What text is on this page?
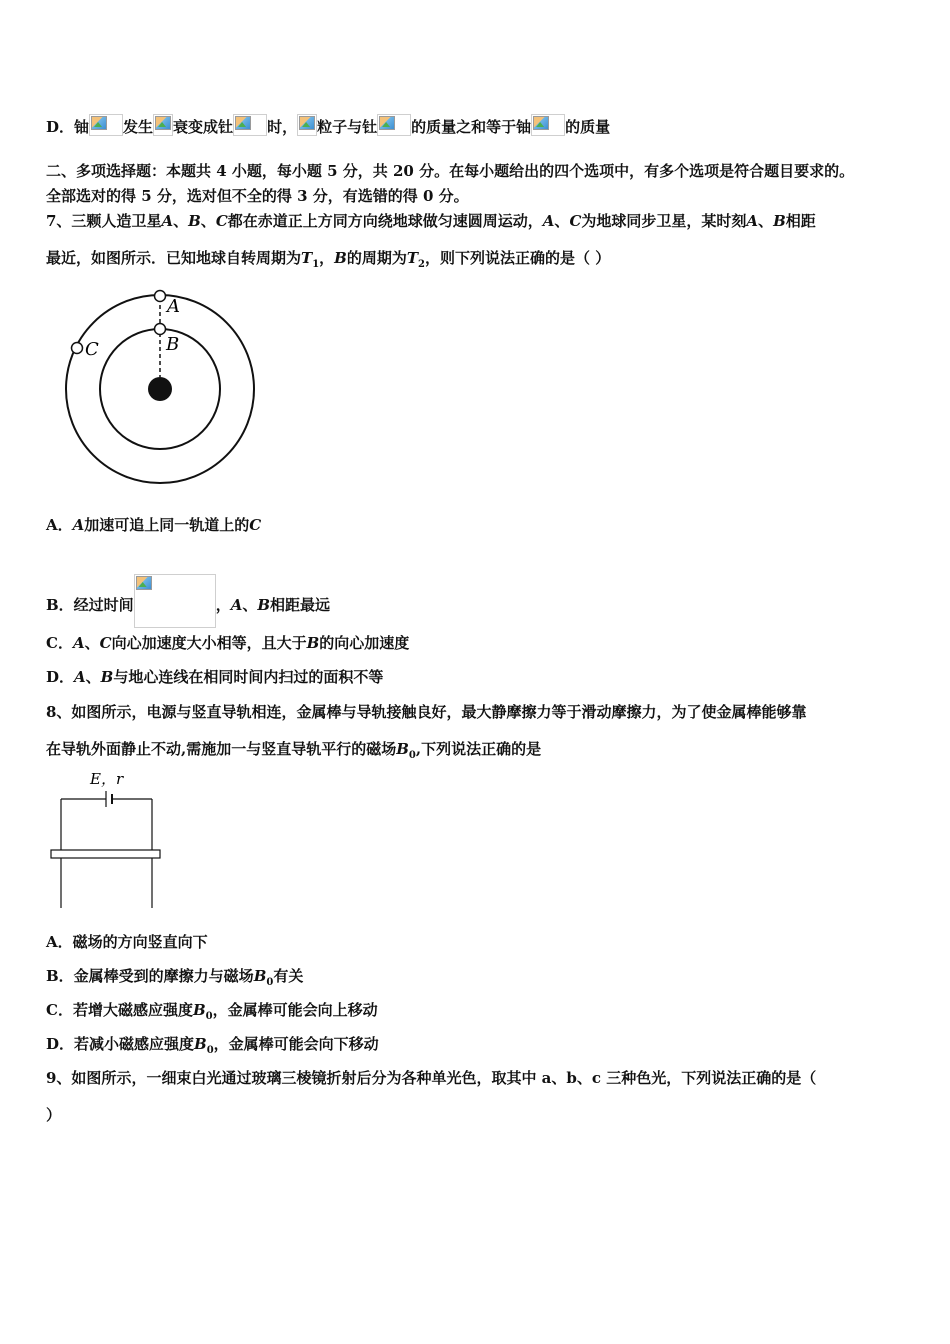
D．铀 发生 衰变成钍 时， 粒子与钍 的质量之和等于铀 的质量
二、多项选择题：本题共 4 小题，每小题 5 分，共 20 分。在每小题给出的四个选项中，有多个选项是符合题目要求的。
全部选对的得 5 分，选对但不全的得 3 分，有选错的得 0 分。
7、三颗人造卫星A、B、C都在赤道正上方同方向绕地球做匀速圆周运动，A、C为地球同步卫星，某时刻A、B相距
最近，如图所示．已知地球自转周期为$T_1$，B的周期为$T_2$，则下列说法正确的是（ ）
A
B
C
A．A加速可追上同一轨道上的C
B．经过时间	，A、B相距最远
C．A、C向心加速度大小相等，且大于B的向心加速度
D．A、B与地心连线在相同时间内扫过的面积不等
8、如图所示，电源与竖直导轨相连，金属棒与导轨接触良好，最大静摩擦力等于滑动摩擦力，为了使金属棒能够靠
在导轨外面静止不动,需施加一与竖直导轨平行的磁场$B_0$,下列说法正确的是
E，r
A．磁场的方向竖直向下
B．金属棒受到的摩擦力与磁场$B_0$有关
C．若增大磁感应强度$B_0$，金属棒可能会向上移动
D．若减小磁感应强度$B_0$，金属棒可能会向下移动
9、如图所示，一细束白光通过玻璃三棱镜折射后分为各种单光色，取其中 a、b、c 三种色光，下列说法正确的是（
）
